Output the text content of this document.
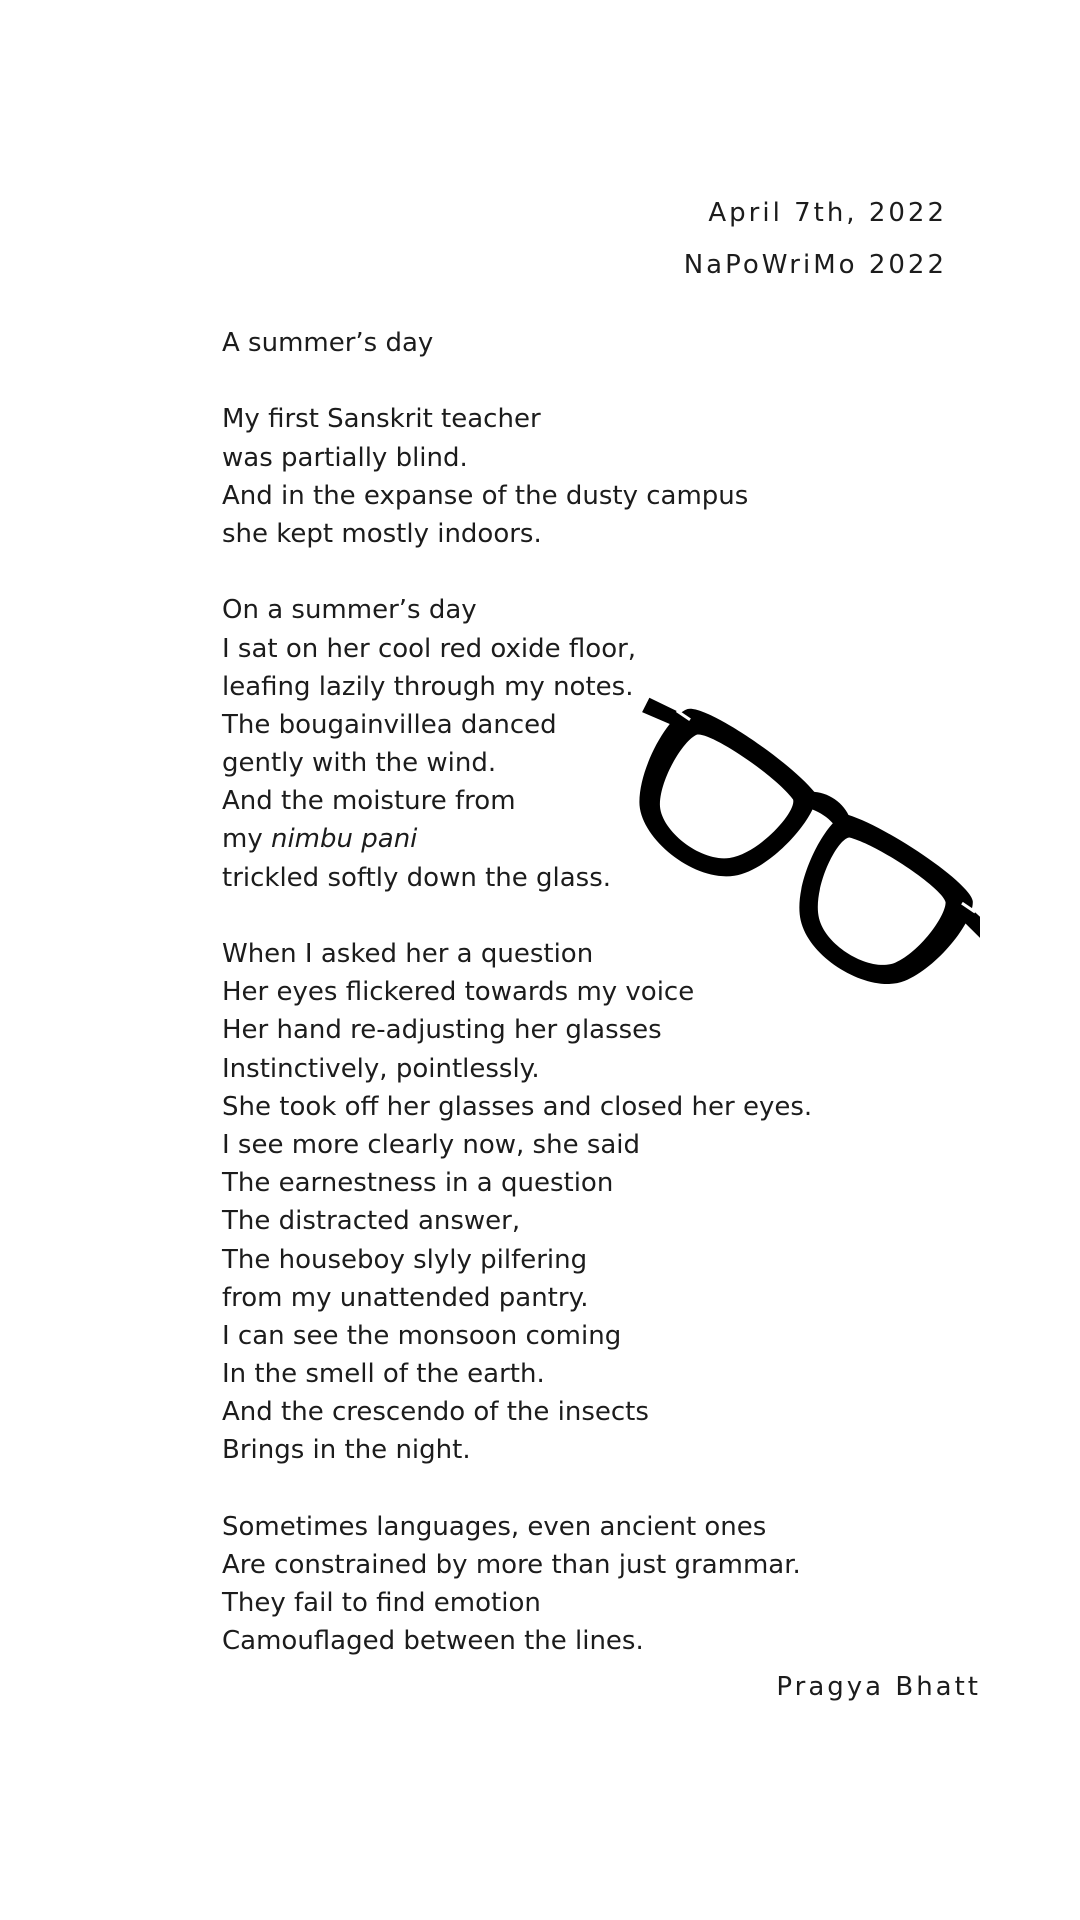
April 7th, 2022

NaPoWriMo 2022

A summer’s day
My first Sanskrit teacher
was partially blind.
And in the expanse of the dusty campus
she kept mostly indoors.
On a summer’s day
I sat on her cool red oxide floor,
leafing lazily through my notes.
The bougainvillea danced
gently with the wind.
And the moisture from
my nimbu pani
trickled softly down the glass.
When I asked her a question
Her eyes flickered towards my voice
Her hand re-adjusting her glasses
Instinctively, pointlessly.
She took off her glasses and closed her eyes.
I see more clearly now, she said
The earnestness in a question
The distracted answer,
The houseboy slyly pilfering
from my unattended pantry.
I can see the monsoon coming
In the smell of the earth.
And the crescendo of the insects
Brings in the night.
Sometimes languages, even ancient ones
Are constrained by more than just grammar.
They fail to find emotion
Camouflaged between the lines.

Pragya Bhatt
